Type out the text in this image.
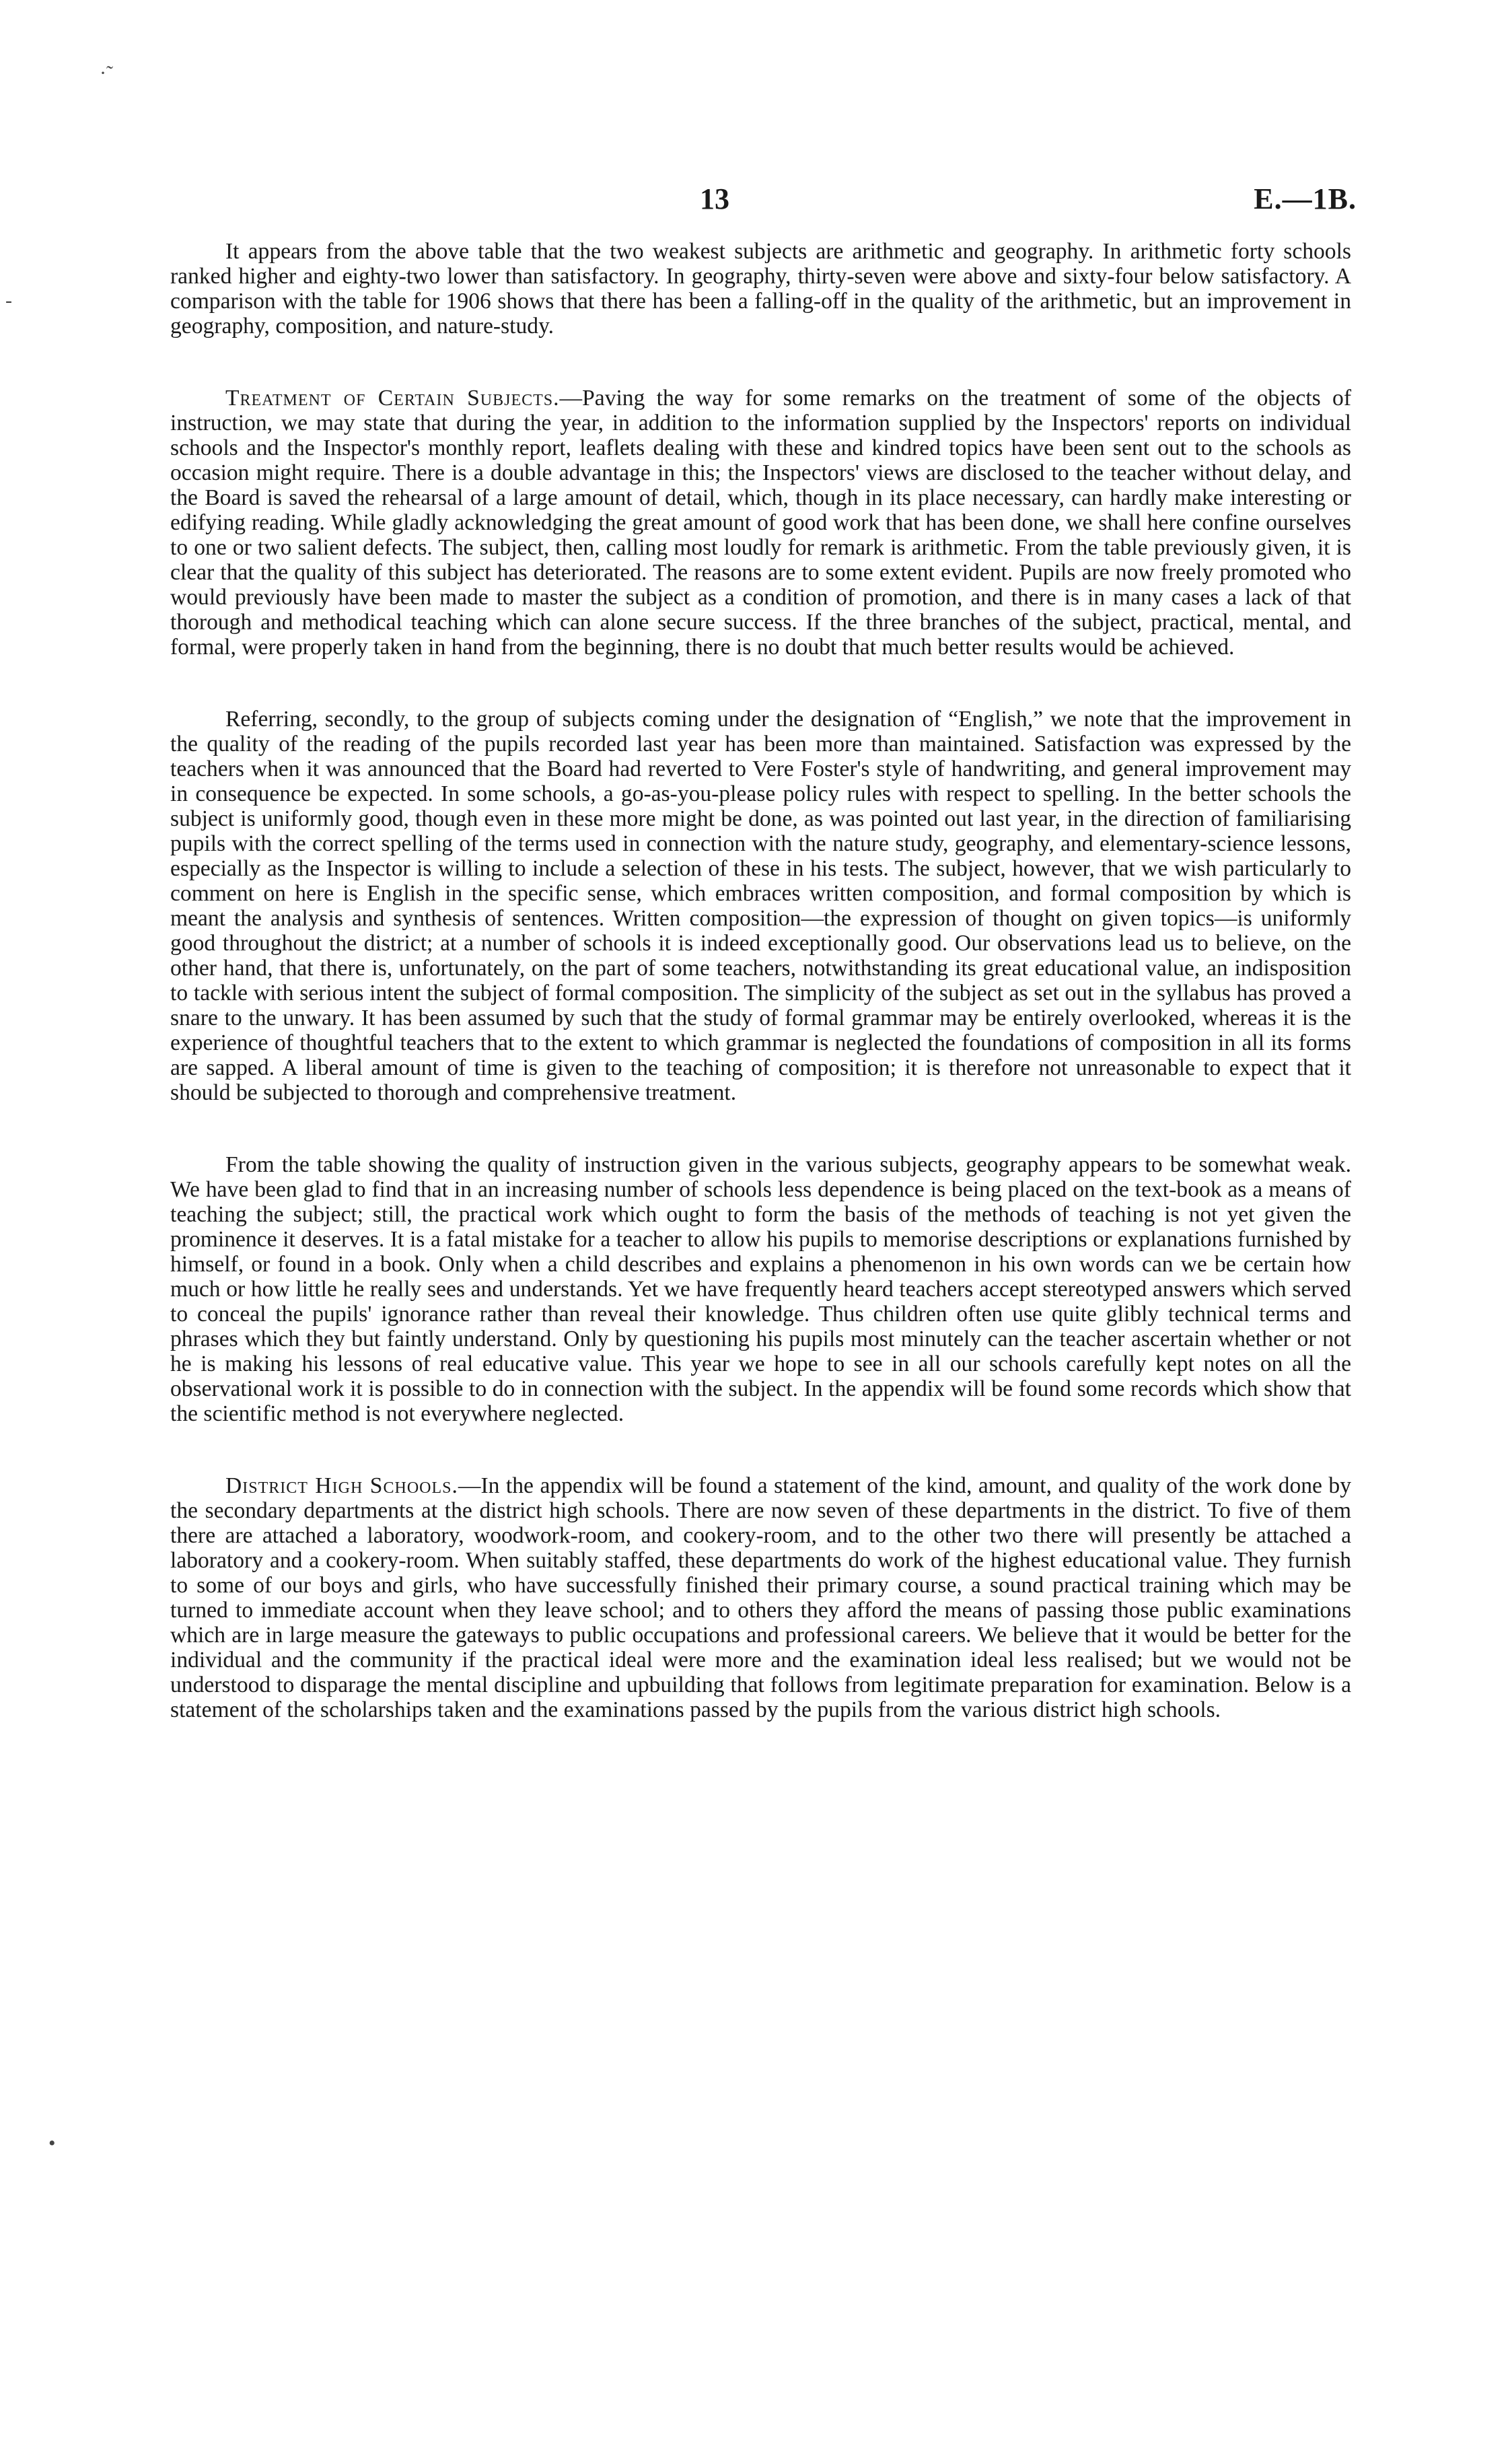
13	E.—1B.
·˜
-
•

It appears from the above table that the two weakest subjects are arithmetic and geography. In arithmetic forty schools ranked higher and eighty-two lower than satisfactory. In geography, thirty-seven were above and sixty-four below satisfactory. A comparison with the table for 1906 shows that there has been a falling-off in the quality of the arithmetic, but an improvement in geography, composition, and nature-study.

Treatment of Certain Subjects.—Paving the way for some remarks on the treatment of some of the objects of instruction, we may state that during the year, in addition to the information supplied by the Inspectors' reports on individual schools and the Inspector's monthly report, leaflets dealing with these and kindred topics have been sent out to the schools as occasion might require. There is a double advantage in this; the Inspectors' views are disclosed to the teacher without delay, and the Board is saved the rehearsal of a large amount of detail, which, though in its place necessary, can hardly make interesting or edifying reading. While gladly acknowledging the great amount of good work that has been done, we shall here confine ourselves to one or two salient defects. The subject, then, calling most loudly for remark is arithmetic. From the table previously given, it is clear that the quality of this subject has deteriorated. The reasons are to some extent evident. Pupils are now freely promoted who would previously have been made to master the subject as a condition of promotion, and there is in many cases a lack of that thorough and methodical teaching which can alone secure success. If the three branches of the subject, practical, mental, and formal, were properly taken in hand from the beginning, there is no doubt that much better results would be achieved.

Referring, secondly, to the group of subjects coming under the designation of “English,” we note that the improvement in the quality of the reading of the pupils recorded last year has been more than maintained. Satisfaction was expressed by the teachers when it was announced that the Board had reverted to Vere Foster's style of handwriting, and general improvement may in consequence be expected. In some schools, a go-as-you-please policy rules with respect to spelling. In the better schools the subject is uniformly good, though even in these more might be done, as was pointed out last year, in the direction of familiarising pupils with the correct spelling of the terms used in connection with the nature study, geography, and elementary-science lessons, especially as the Inspector is willing to include a selection of these in his tests. The subject, however, that we wish particularly to comment on here is English in the specific sense, which embraces written composition, and formal composition by which is meant the analysis and synthesis of sentences. Written composition—the expression of thought on given topics—is uniformly good throughout the district; at a number of schools it is indeed exceptionally good. Our observations lead us to believe, on the other hand, that there is, unfortunately, on the part of some teachers, notwithstanding its great educational value, an indisposition to tackle with serious intent the subject of formal composition. The simplicity of the subject as set out in the syllabus has proved a snare to the unwary. It has been assumed by such that the study of formal grammar may be entirely overlooked, whereas it is the experience of thoughtful teachers that to the extent to which grammar is neglected the foundations of composition in all its forms are sapped. A liberal amount of time is given to the teaching of composition; it is therefore not unreasonable to expect that it should be subjected to thorough and comprehensive treatment.

From the table showing the quality of instruction given in the various subjects, geography appears to be somewhat weak. We have been glad to find that in an increasing number of schools less dependence is being placed on the text-book as a means of teaching the subject; still, the practical work which ought to form the basis of the methods of teaching is not yet given the prominence it deserves. It is a fatal mistake for a teacher to allow his pupils to memorise descriptions or explanations furnished by himself, or found in a book. Only when a child describes and explains a phenomenon in his own words can we be certain how much or how little he really sees and understands. Yet we have frequently heard teachers accept stereotyped answers which served to conceal the pupils' ignorance rather than reveal their knowledge. Thus children often use quite glibly technical terms and phrases which they but faintly understand. Only by questioning his pupils most minutely can the teacher ascertain whether or not he is making his lessons of real educative value. This year we hope to see in all our schools carefully kept notes on all the observational work it is possible to do in connection with the subject. In the appendix will be found some records which show that the scientific method is not everywhere neglected.

District High Schools.—In the appendix will be found a statement of the kind, amount, and quality of the work done by the secondary departments at the district high schools. There are now seven of these departments in the district. To five of them there are attached a laboratory, woodwork-room, and cookery-room, and to the other two there will presently be attached a laboratory and a cookery-room. When suitably staffed, these departments do work of the highest educational value. They furnish to some of our boys and girls, who have successfully finished their primary course, a sound practical training which may be turned to immediate account when they leave school; and to others they afford the means of passing those public examinations which are in large measure the gateways to public occupations and professional careers. We believe that it would be better for the individual and the community if the practical ideal were more and the examination ideal less realised; but we would not be understood to disparage the mental discipline and upbuilding that follows from legitimate preparation for examination. Below is a statement of the scholarships taken and the examinations passed by the pupils from the various district high schools.
